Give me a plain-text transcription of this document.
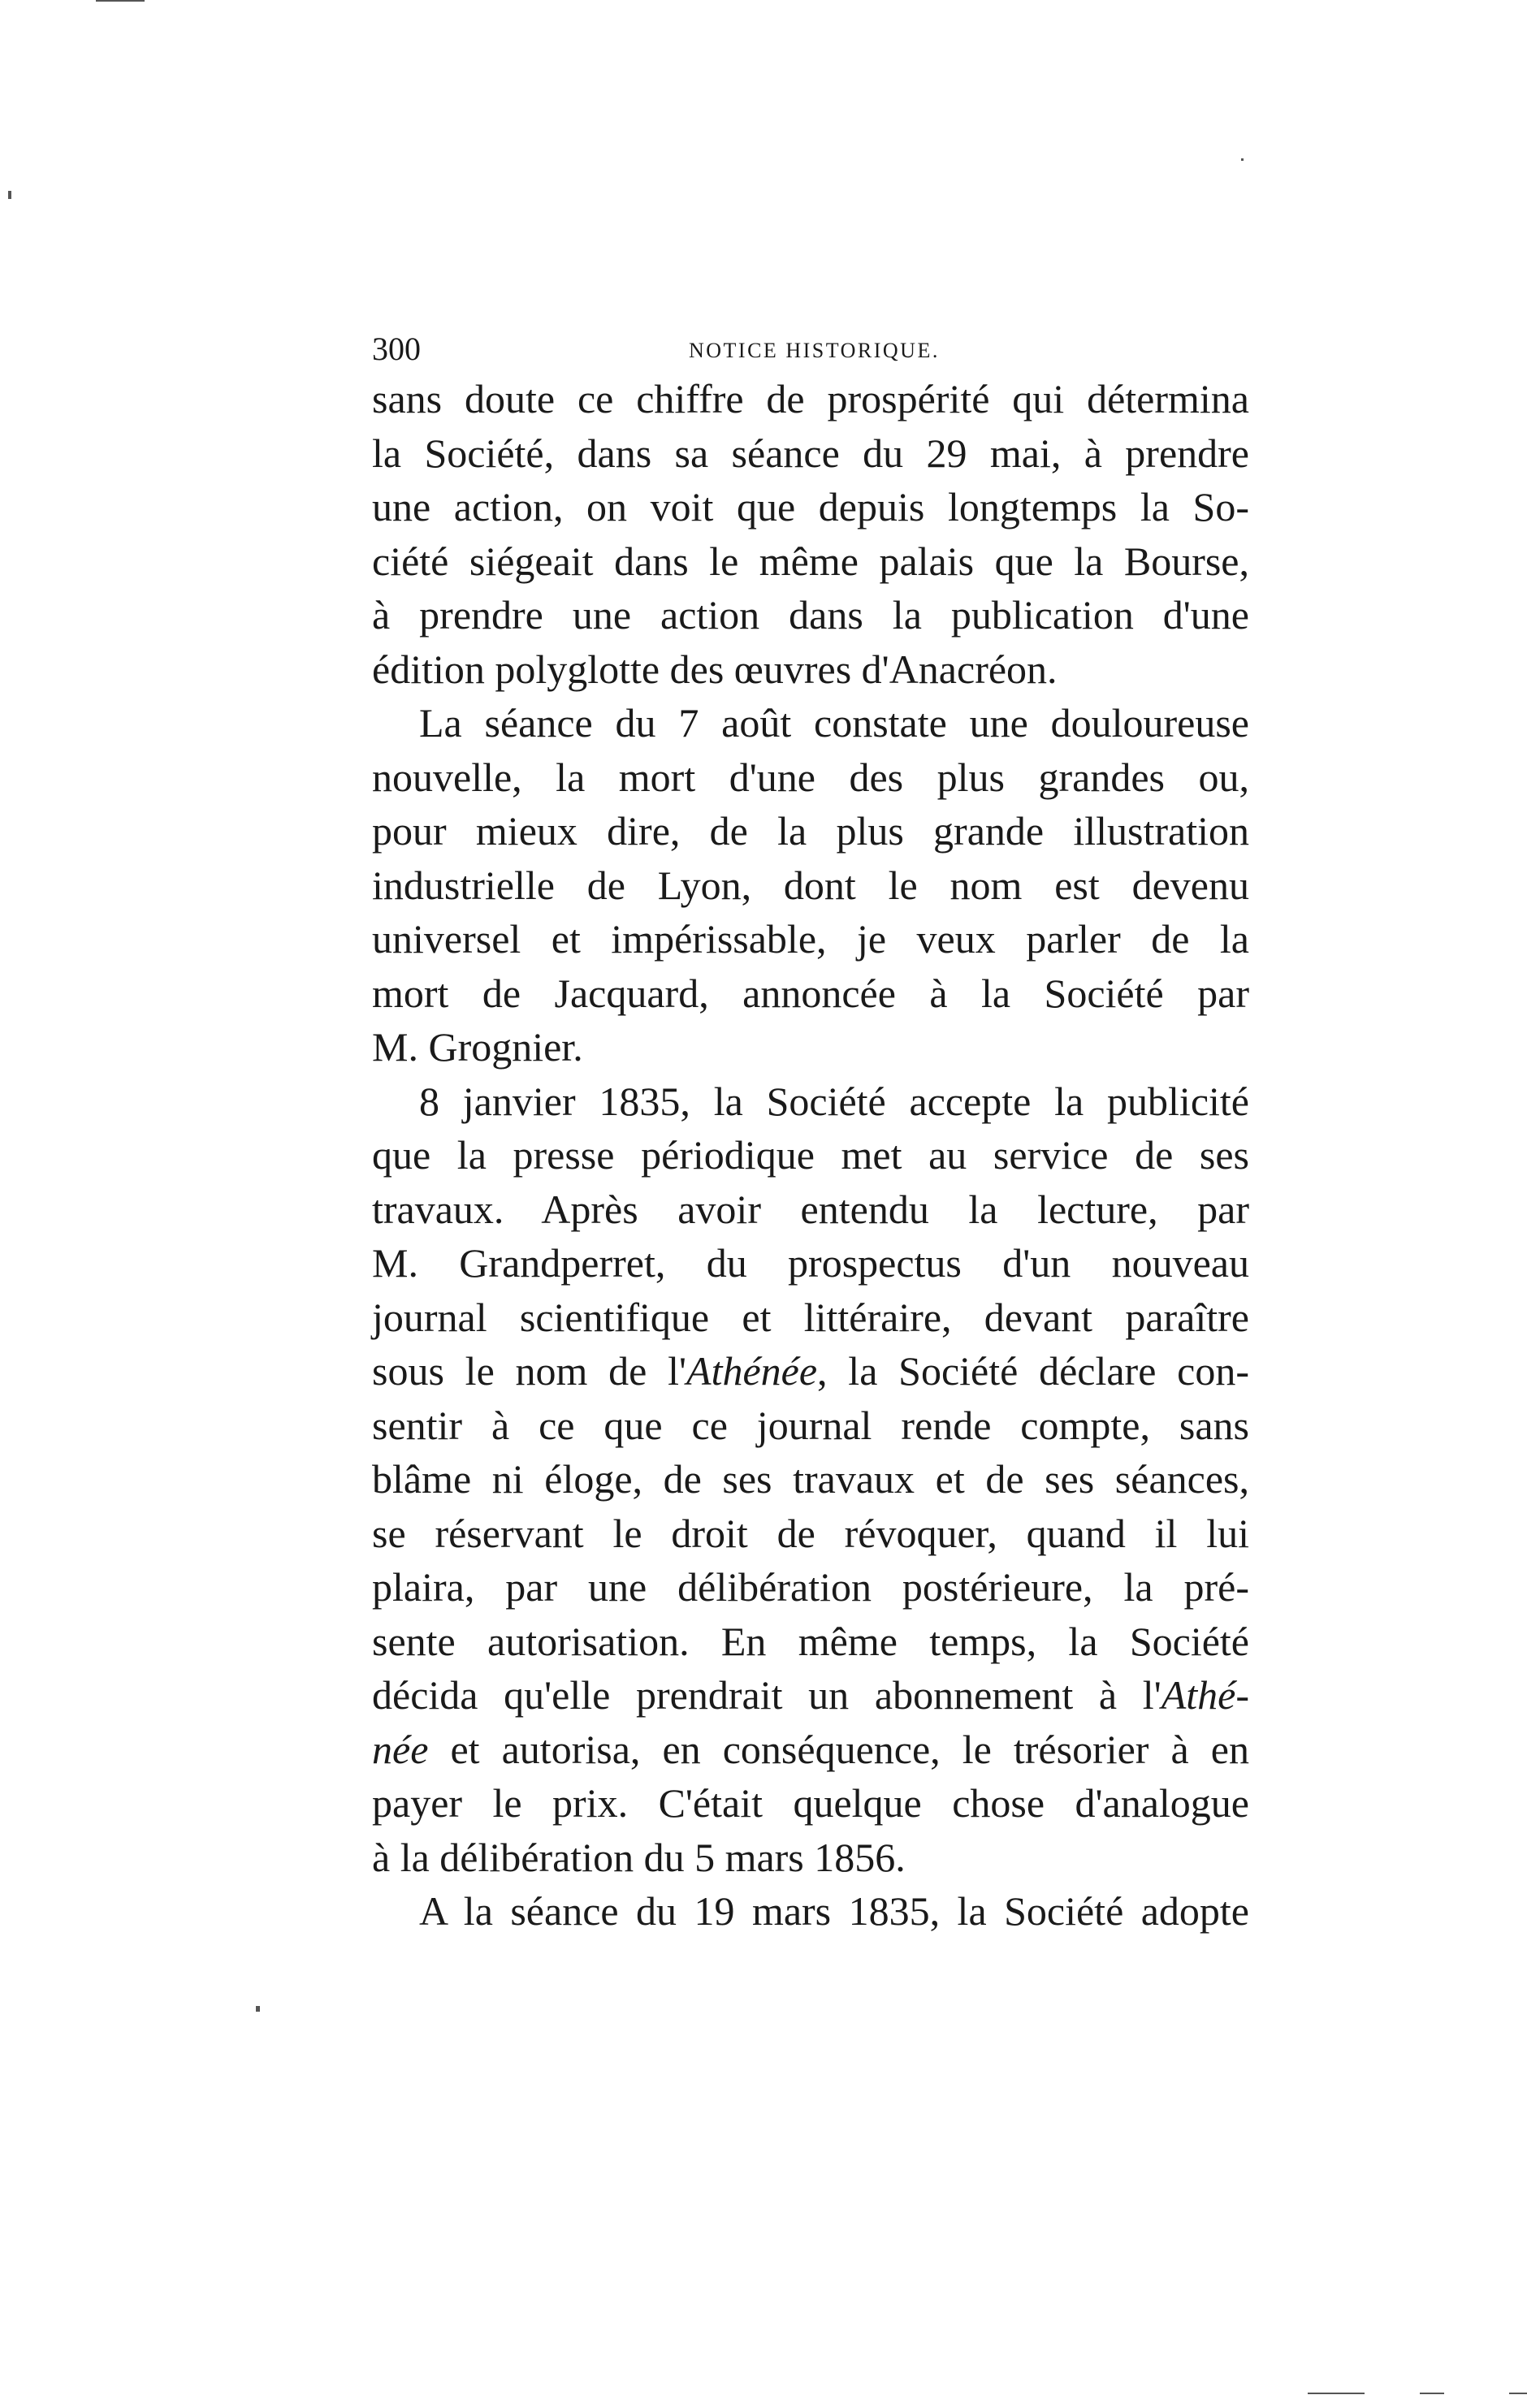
300	NOTICE HISTORIQUE.
sans doute ce chiffre de prospérité qui détermina
la Société, dans sa séance du 29 mai, à prendre
une action, on voit que depuis longtemps la So-
ciété siégeait dans le même palais que la Bourse,
à prendre une action dans la publication d'une
édition polyglotte des œuvres d'Anacréon.
La séance du 7 août constate une douloureuse
nouvelle, la mort d'une des plus grandes ou,
pour mieux dire, de la plus grande illustration
industrielle de Lyon, dont le nom est devenu
universel et impérissable, je veux parler de la
mort de Jacquard, annoncée à la Société par
M. Grognier.
8 janvier 1835, la Société accepte la publicité
que la presse périodique met au service de ses
travaux. Après avoir entendu la lecture, par
M. Grandperret, du prospectus d'un nouveau
journal scientifique et littéraire, devant paraître
sous le nom de l'Athénée, la Société déclare con-
sentir à ce que ce journal rende compte, sans
blâme ni éloge, de ses travaux et de ses séances,
se réservant le droit de révoquer, quand il lui
plaira, par une délibération postérieure, la pré-
sente autorisation. En même temps, la Société
décida qu'elle prendrait un abonnement à l'Athé-
née et autorisa, en conséquence, le trésorier à en
payer le prix. C'était quelque chose d'analogue
à la délibération du 5 mars 1856.
A la séance du 19 mars 1835, la Société adopte
